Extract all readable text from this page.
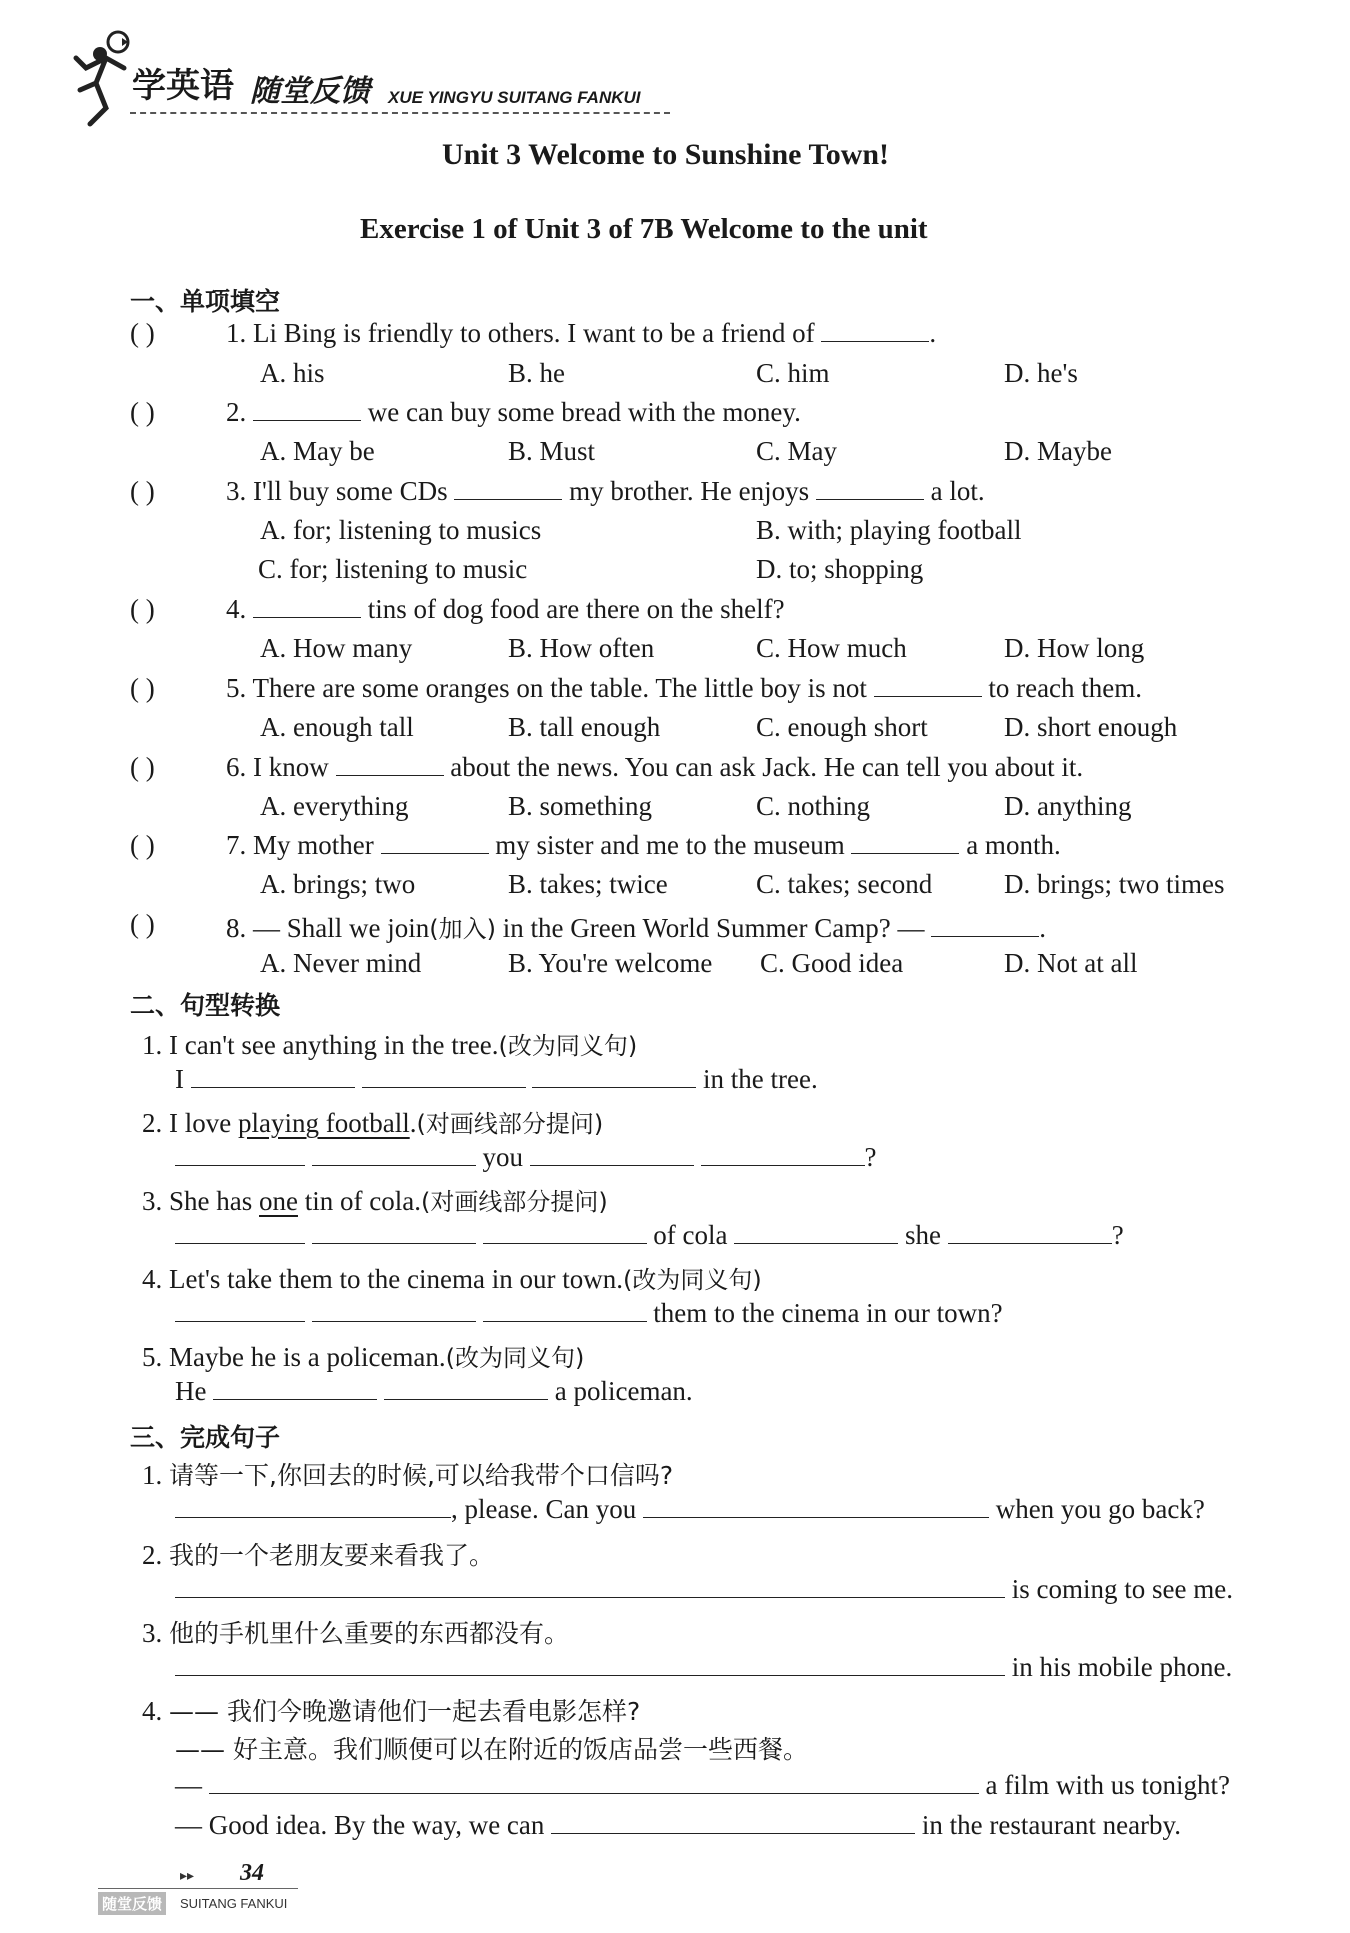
学英语 随堂反馈 XUE YINGYU SUITANG FANKUI
Unit 3 Welcome to Sunshine Town!
Exercise 1 of Unit 3 of 7B Welcome to the unit
一、单项填空
( )	1. Li Bing is friendly to others. I want to be a friend of	.
A. his	B. he	C. him	D. he's
( )	2.	we can buy some bread with the money.
A. May be	B. Must	C. May	D. Maybe
( )	3. I'll buy some CDs	my brother. He enjoys	a lot.
A. for; listening to musics	B. with; playing football
C. for; listening to music	D. to; shopping
( )	4.	tins of dog food are there on the shelf?
A. How many	B. How often	C. How much	D. How long
( )	5. There are some oranges on the table. The little boy is not	to reach them.
A. enough tall	B. tall enough	C. enough short	D. short enough
( )	6. I know	about the news. You can ask Jack. He can tell you about it.
A. everything	B. something	C. nothing	D. anything
( )	7. My mother	my sister and me to the museum	a month.
A. brings; two	B. takes; twice	C. takes; second	D. brings; two times
( )	8. — Shall we join(加入) in the Green World Summer Camp? —	.
A. Never mind	B. You're welcome C. Good idea	D. Not at all
二、句型转换
1. I can't see anything in the tree.(改为同义句)
I	in the tree.
2. I love playing football.(对画线部分提问)
you	?
3. She has one tin of cola.(对画线部分提问)
of cola	she	?
4. Let's take them to the cinema in our town.(改为同义句)
them to the cinema in our town?
5. Maybe he is a policeman.(改为同义句)
He	a policeman.
三、完成句子
1. 请等一下,你回去的时候,可以给我带个口信吗?
, please. Can you	when you go back?
2. 我的一个老朋友要来看我了。
is coming to see me.
3. 他的手机里什么重要的东西都没有。
in his mobile phone.
4. —— 我们今晚邀请他们一起去看电影怎样?
—— 好主意。我们顺便可以在附近的饭店品尝一些西餐。
—	a film with us tonight?
— Good idea. By the way, we can	in the restaurant nearby.
▸▸ 34
随堂反馈	SUITANG FANKUI
